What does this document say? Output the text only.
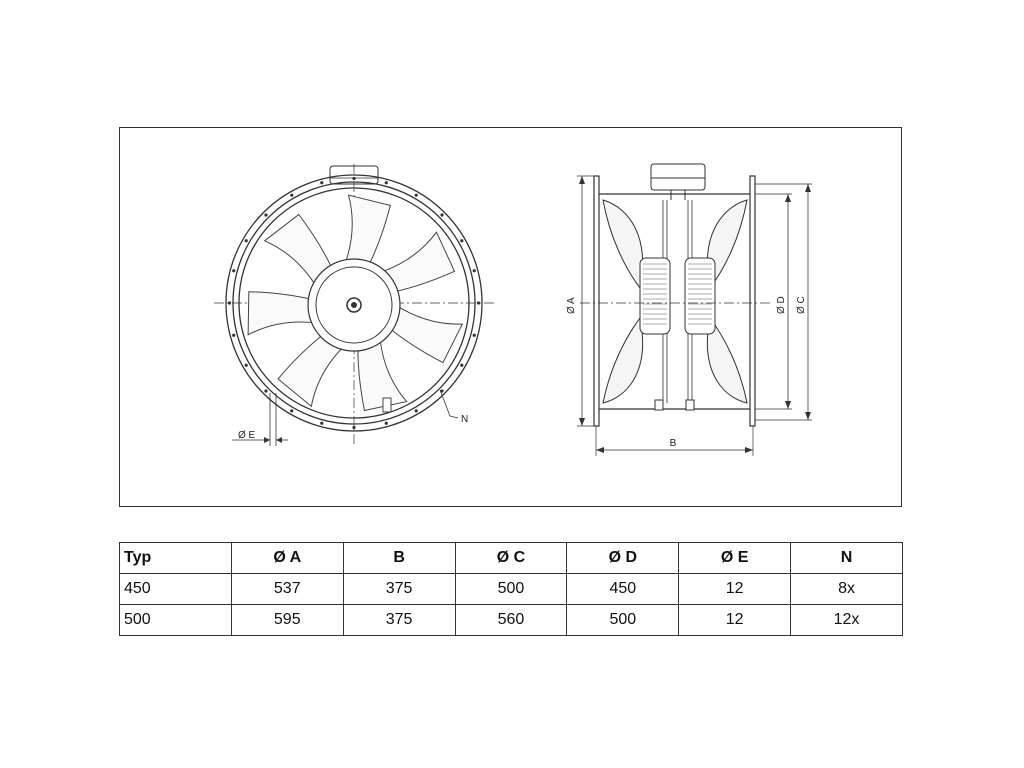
Ø E
N
Ø A	Ø D Ø C
B
Typ	Ø A	B	Ø C	Ø D	Ø E	N
450	537	375	500	450	12	8x
500	595	375	560	500	12	12x
